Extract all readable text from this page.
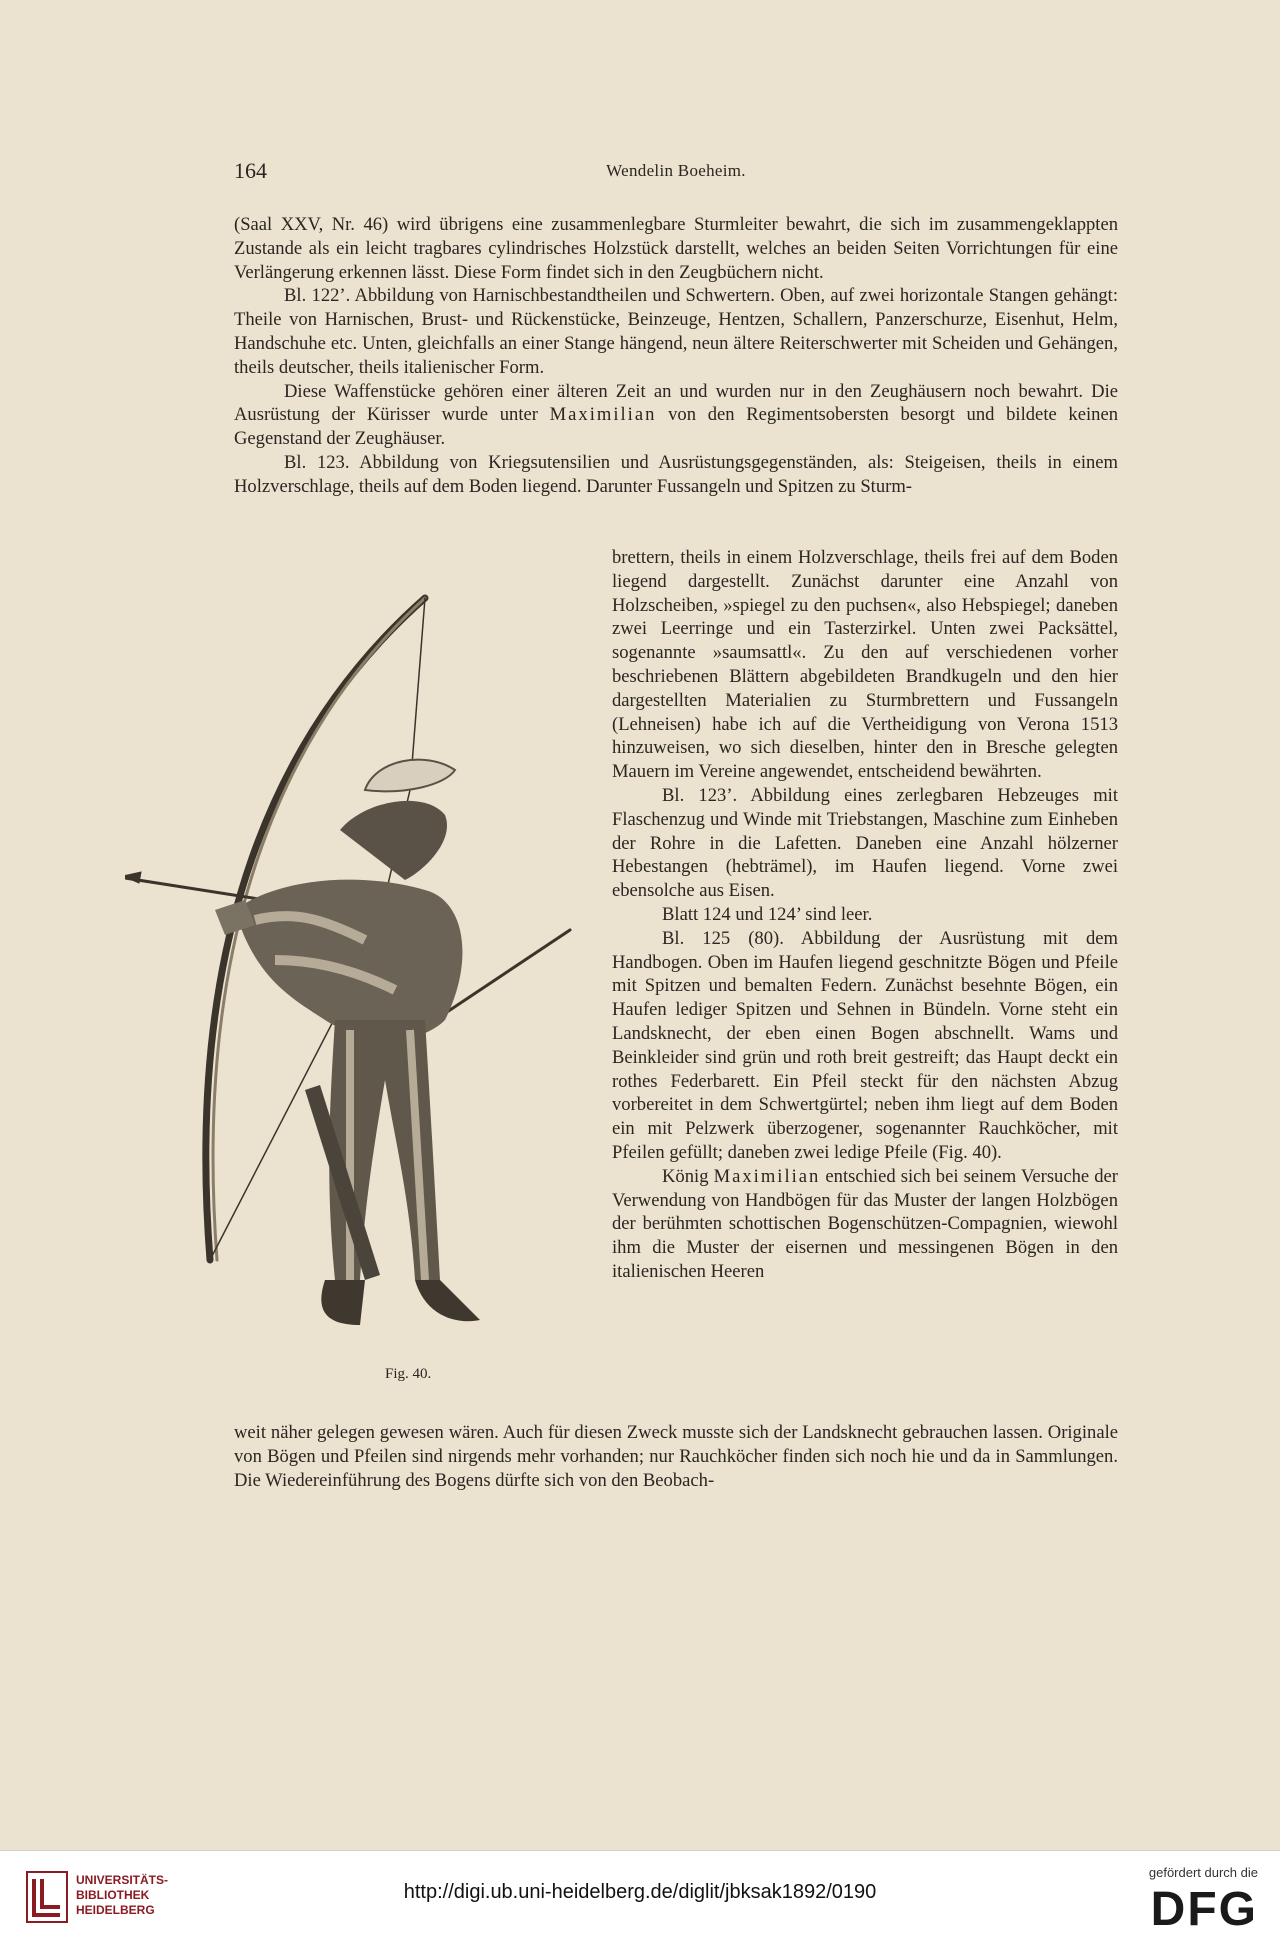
164	Wendelin Boeheim.

(Saal XXV, Nr. 46) wird übrigens eine zusammenlegbare Sturmleiter bewahrt, die sich im zusammengeklappten Zustande als ein leicht tragbares cylindrisches Holzstück darstellt, welches an beiden Seiten Vorrichtungen für eine Verlängerung erkennen lässt. Diese Form findet sich in den Zeugbüchern nicht.

Bl. 122’. Abbildung von Harnischbestandtheilen und Schwertern. Oben, auf zwei horizontale Stangen gehängt: Theile von Harnischen, Brust- und Rückenstücke, Beinzeuge, Hentzen, Schallern, Panzerschurze, Eisenhut, Helm, Handschuhe etc. Unten, gleichfalls an einer Stange hängend, neun ältere Reiterschwerter mit Scheiden und Gehängen, theils deutscher, theils italienischer Form.

Diese Waffenstücke gehören einer älteren Zeit an und wurden nur in den Zeughäusern noch bewahrt. Die Ausrüstung der Kürisser wurde unter Maximilian von den Regimentsobersten besorgt und bildete keinen Gegenstand der Zeughäuser.

Bl. 123. Abbildung von Kriegsutensilien und Ausrüstungsgegenständen, als: Steigeisen, theils in einem Holzverschlage, theils auf dem Boden liegend. Darunter Fussangeln und Spitzen zu Sturm-

Fig. 40.

brettern, theils in einem Holzverschlage, theils frei auf dem Boden liegend dargestellt. Zunächst darunter eine Anzahl von Holzscheiben, »spiegel zu den puchsen«, also Hebspiegel; daneben zwei Leerringe und ein Tasterzirkel. Unten zwei Packsättel, sogenannte »saumsattl«. Zu den auf verschiedenen vorher beschriebenen Blättern abgebildeten Brandkugeln und den hier dargestellten Materialien zu Sturmbrettern und Fussangeln (Lehneisen) habe ich auf die Vertheidigung von Verona 1513 hinzuweisen, wo sich dieselben, hinter den in Bresche gelegten Mauern im Vereine angewendet, entscheidend bewährten.

Bl. 123’. Abbildung eines zerlegbaren Hebzeuges mit Flaschenzug und Winde mit Triebstangen, Maschine zum Einheben der Rohre in die Lafetten. Daneben eine Anzahl hölzerner Hebestangen (hebträmel), im Haufen liegend. Vorne zwei ebensolche aus Eisen.

Blatt 124 und 124’ sind leer.

Bl. 125 (80). Abbildung der Ausrüstung mit dem Handbogen. Oben im Haufen liegend geschnitzte Bögen und Pfeile mit Spitzen und bemalten Federn. Zunächst besehnte Bögen, ein Haufen lediger Spitzen und Sehnen in Bündeln. Vorne steht ein Landsknecht, der eben einen Bogen abschnellt. Wams und Beinkleider sind grün und roth breit gestreift; das Haupt deckt ein rothes Federbarett. Ein Pfeil steckt für den nächsten Abzug vorbereitet in dem Schwertgürtel; neben ihm liegt auf dem Boden ein mit Pelzwerk überzogener, sogenannter Rauchköcher, mit Pfeilen gefüllt; daneben zwei ledige Pfeile (Fig. 40).

König Maximilian entschied sich bei seinem Versuche der Verwendung von Handbögen für das Muster der langen Holzbögen der berühmten schottischen Bogenschützen-Compagnien, wiewohl ihm die Muster der eisernen und messingenen Bögen in den italienischen Heeren

weit näher gelegen gewesen wären. Auch für diesen Zweck musste sich der Landsknecht gebrauchen lassen. Originale von Bögen und Pfeilen sind nirgends mehr vorhanden; nur Rauchköcher finden sich noch hie und da in Sammlungen. Die Wiedereinführung des Bogens dürfte sich von den Beobach-

UNIVERSITÄTS-
BIBLIOTHEK
HEIDELBERG
http://digi.ub.uni-heidelberg.de/diglit/jbksak1892/0190
gefördert durch die
DFG
